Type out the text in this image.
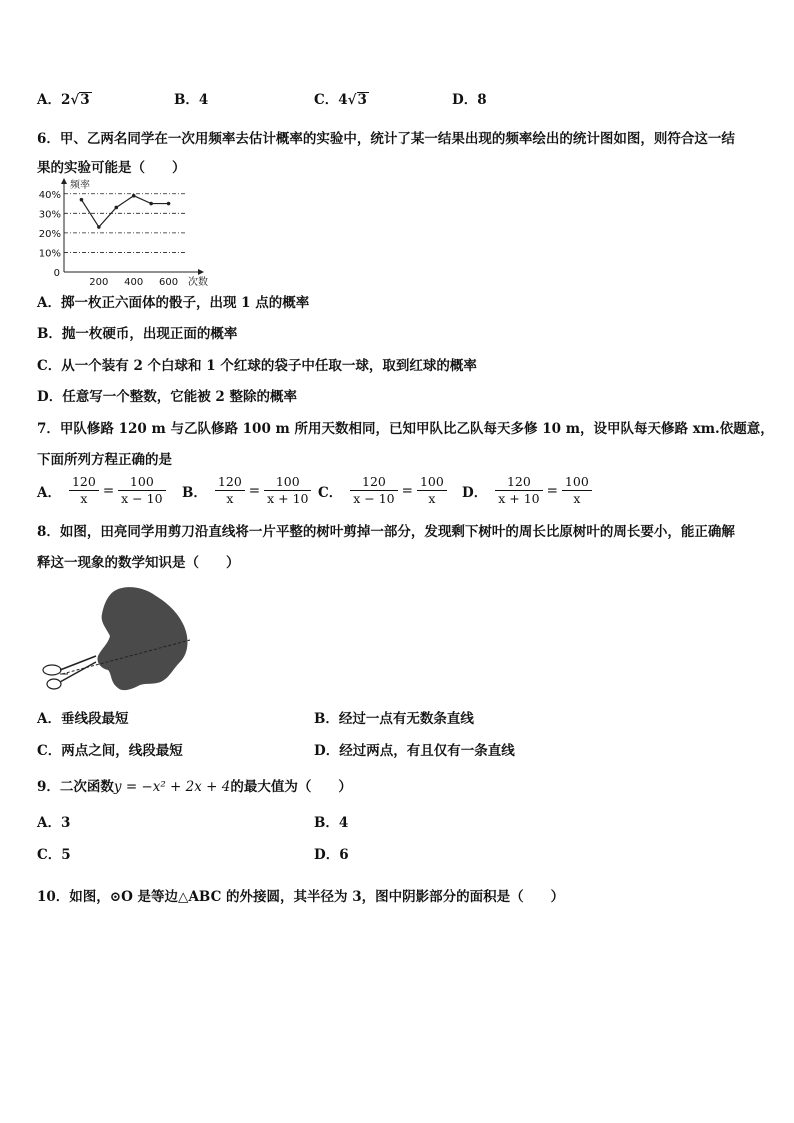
A．2√3	B．4	C．4√3	D．8
6．甲、乙两名同学在一次用频率去估计概率的实验中，统计了某一结果出现的频率绘出的统计图如图，则符合这一结
果的实验可能是（　　）
40%
30%
20%
10%
200 400 600
0
频率
次数
A．掷一枚正六面体的骰子，出现 1 点的概率
B．抛一枚硬币，出现正面的概率
C．从一个装有 2 个白球和 1 个红球的袋子中任取一球，取到红球的概率
D．任意写一个整数，它能被 2 整除的概率
7．甲队修路 120 m 与乙队修路 100 m 所用天数相同，已知甲队比乙队每天多修 10 m，设甲队每天修路 xm.依题意，
下面所列方程正确的是
A． $\frac{120}{x} = \frac{100}{x - 10}$ B． $\frac{120}{x} = \frac{100}{x + 10}$ C． $\frac{120}{x - 10} = \frac{100}{x}$ D． $\frac{120}{x + 10} = \frac{100}{x}$
8．如图，田亮同学用剪刀沿直线将一片平整的树叶剪掉一部分，发现剩下树叶的周长比原树叶的周长要小，能正确解
释这一现象的数学知识是（　　）
A．垂线段最短	B．经过一点有无数条直线
C．两点之间，线段最短	D．经过两点，有且仅有一条直线
9．二次函数y = −x² + 2x + 4的最大值为（　　）
A．3	B．4
C．5	D．6
10．如图，⊙O 是等边△ABC 的外接圆，其半径为 3，图中阴影部分的面积是（　　）
